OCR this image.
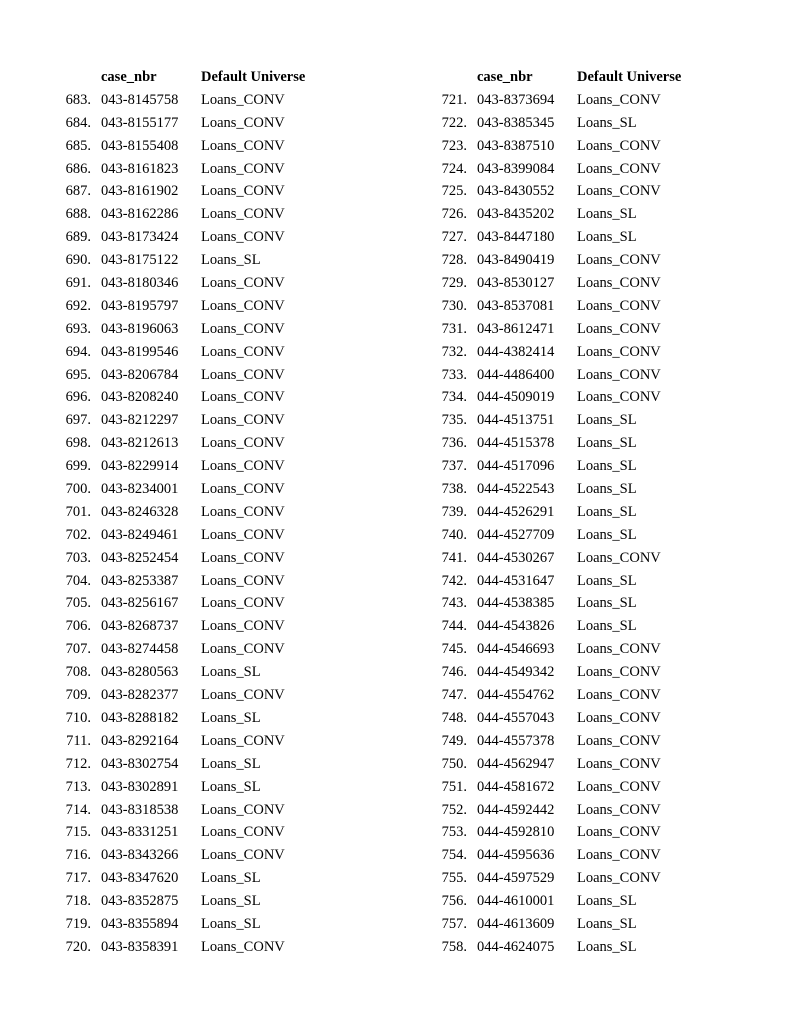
case_nbr	Default Universe
683. 043-8145758 Loans_CONV
684. 043-8155177 Loans_CONV
685. 043-8155408 Loans_CONV
686. 043-8161823 Loans_CONV
687. 043-8161902 Loans_CONV
688. 043-8162286 Loans_CONV
689. 043-8173424 Loans_CONV
690. 043-8175122 Loans_SL
691. 043-8180346 Loans_CONV
692. 043-8195797 Loans_CONV
693. 043-8196063 Loans_CONV
694. 043-8199546 Loans_CONV
695. 043-8206784 Loans_CONV
696. 043-8208240 Loans_CONV
697. 043-8212297 Loans_CONV
698. 043-8212613 Loans_CONV
699. 043-8229914 Loans_CONV
700. 043-8234001 Loans_CONV
701. 043-8246328 Loans_CONV
702. 043-8249461 Loans_CONV
703. 043-8252454 Loans_CONV
704. 043-8253387 Loans_CONV
705. 043-8256167 Loans_CONV
706. 043-8268737 Loans_CONV
707. 043-8274458 Loans_CONV
708. 043-8280563 Loans_SL
709. 043-8282377 Loans_CONV
710. 043-8288182 Loans_SL
711. 043-8292164 Loans_CONV
712. 043-8302754 Loans_SL
713. 043-8302891 Loans_SL
714. 043-8318538 Loans_CONV
715. 043-8331251 Loans_CONV
716. 043-8343266 Loans_CONV
717. 043-8347620 Loans_SL
718. 043-8352875 Loans_SL
719. 043-8355894 Loans_SL
720. 043-8358391 Loans_CONV
case_nbr	Default Universe
721. 043-8373694 Loans_CONV
722. 043-8385345 Loans_SL
723. 043-8387510 Loans_CONV
724. 043-8399084 Loans_CONV
725. 043-8430552 Loans_CONV
726. 043-8435202 Loans_SL
727. 043-8447180 Loans_SL
728. 043-8490419 Loans_CONV
729. 043-8530127 Loans_CONV
730. 043-8537081 Loans_CONV
731. 043-8612471 Loans_CONV
732. 044-4382414 Loans_CONV
733. 044-4486400 Loans_CONV
734. 044-4509019 Loans_CONV
735. 044-4513751 Loans_SL
736. 044-4515378 Loans_SL
737. 044-4517096 Loans_SL
738. 044-4522543 Loans_SL
739. 044-4526291 Loans_SL
740. 044-4527709 Loans_SL
741. 044-4530267 Loans_CONV
742. 044-4531647 Loans_SL
743. 044-4538385 Loans_SL
744. 044-4543826 Loans_SL
745. 044-4546693 Loans_CONV
746. 044-4549342 Loans_CONV
747. 044-4554762 Loans_CONV
748. 044-4557043 Loans_CONV
749. 044-4557378 Loans_CONV
750. 044-4562947 Loans_CONV
751. 044-4581672 Loans_CONV
752. 044-4592442 Loans_CONV
753. 044-4592810 Loans_CONV
754. 044-4595636 Loans_CONV
755. 044-4597529 Loans_CONV
756. 044-4610001 Loans_SL
757. 044-4613609 Loans_SL
758. 044-4624075 Loans_SL
